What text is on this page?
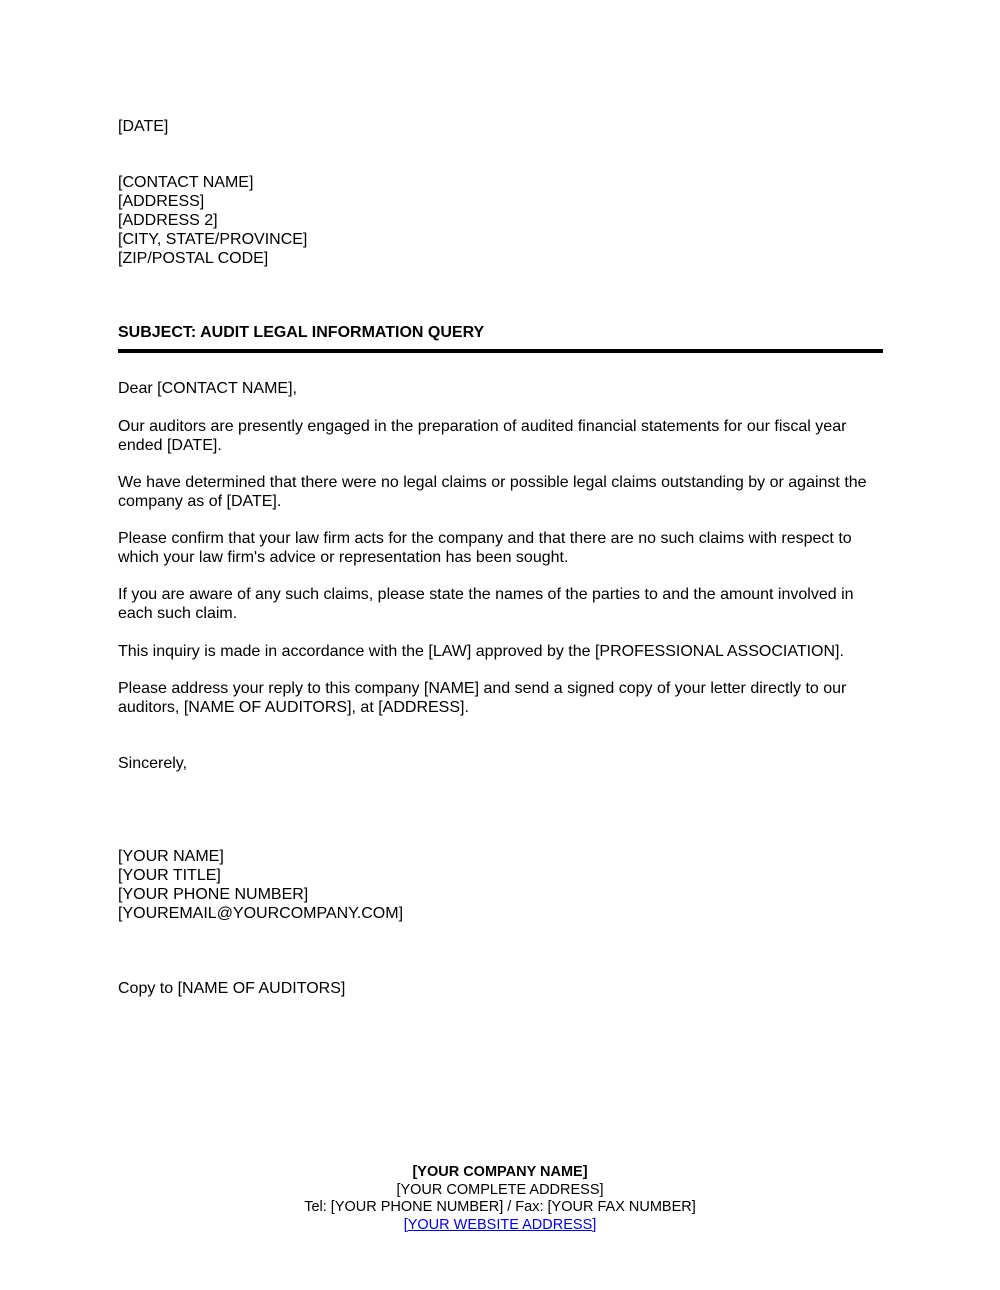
[DATE]
[CONTACT NAME]
[ADDRESS]
[ADDRESS 2]
[CITY, STATE/PROVINCE]
[ZIP/POSTAL CODE]
SUBJECT: AUDIT LEGAL INFORMATION QUERY
Dear [CONTACT NAME],
Our auditors are presently engaged in the preparation of audited financial statements for our fiscal year ended [DATE].
We have determined that there were no legal claims or possible legal claims outstanding by or against the company as of [DATE].
Please confirm that your law firm acts for the company and that there are no such claims with respect to which your law firm's advice or representation has been sought.
If you are aware of any such claims, please state the names of the parties to and the amount involved in each such claim.
This inquiry is made in accordance with the [LAW] approved by the [PROFESSIONAL ASSOCIATION].
Please address your reply to this company [NAME] and send a signed copy of your letter directly to our auditors, [NAME OF AUDITORS], at [ADDRESS].
Sincerely,
[YOUR NAME]
[YOUR TITLE]
[YOUR PHONE NUMBER]
[YOUREMAIL@YOURCOMPANY.COM]
Copy to [NAME OF AUDITORS]
[YOUR COMPANY NAME]
[YOUR COMPLETE ADDRESS]
Tel: [YOUR PHONE NUMBER] / Fax: [YOUR FAX NUMBER]
[YOUR WEBSITE ADDRESS]
